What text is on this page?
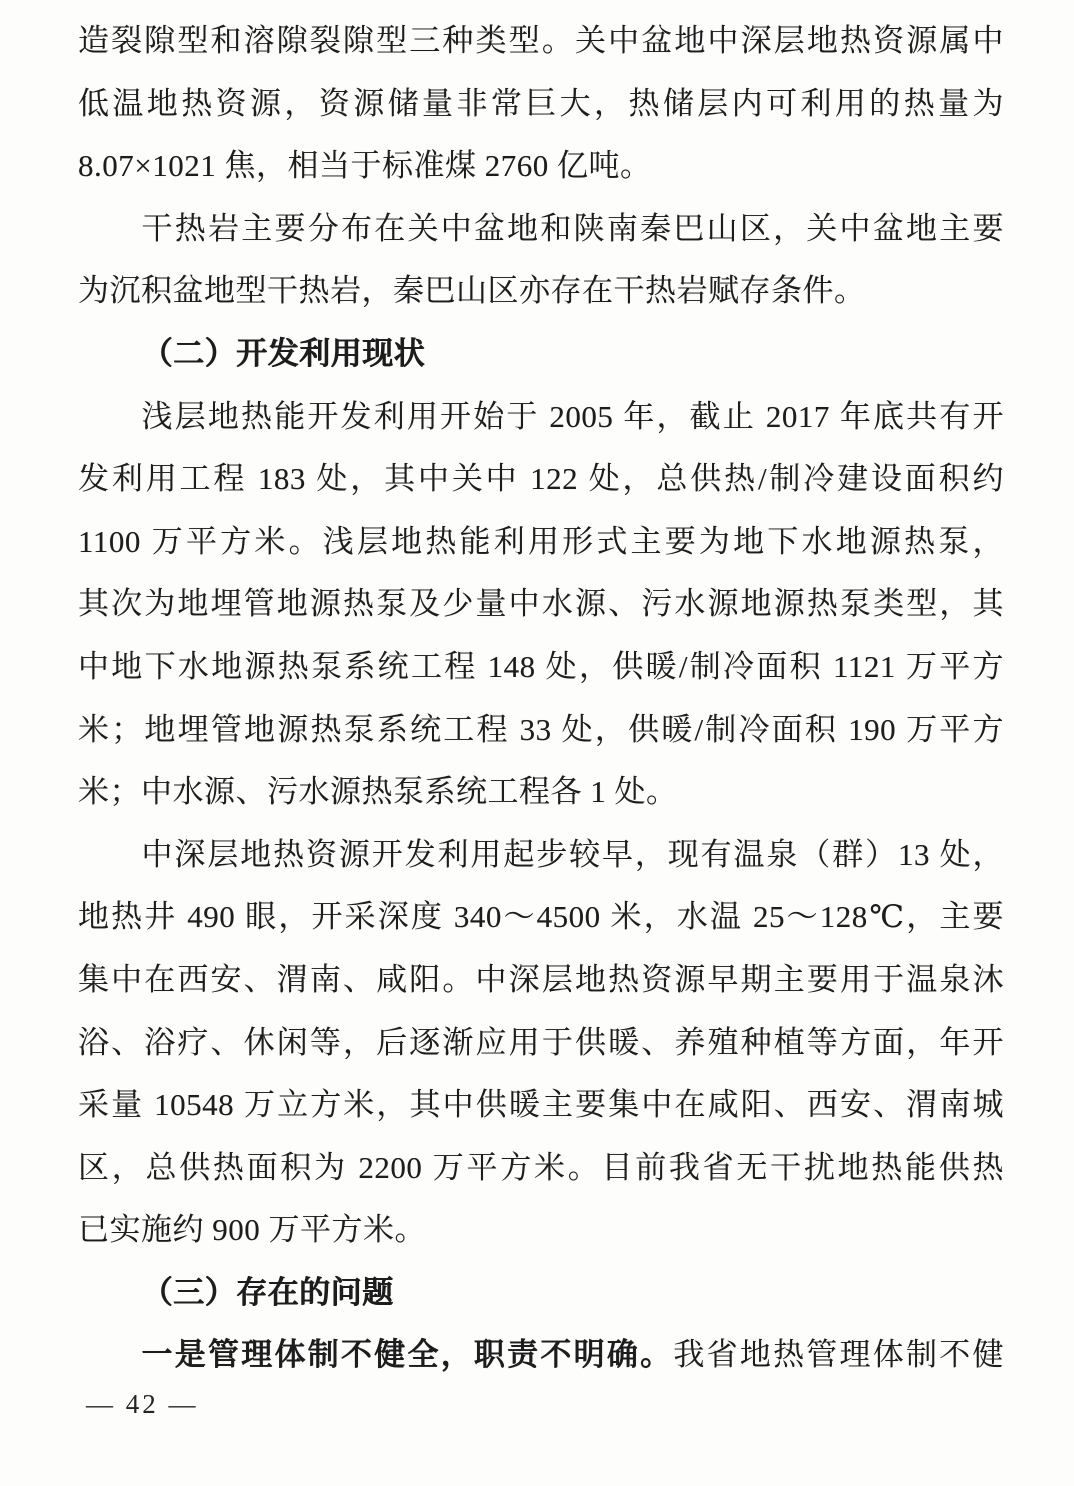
造裂隙型和溶隙裂隙型三种类型。关中盆地中深层地热资源属中
低温地热资源，资源储量非常巨大，热储层内可利用的热量为
8.07×1021 焦，相当于标准煤 2760 亿吨。
干热岩主要分布在关中盆地和陕南秦巴山区，关中盆地主要
为沉积盆地型干热岩，秦巴山区亦存在干热岩赋存条件。
（二）开发利用现状
浅层地热能开发利用开始于 2005 年，截止 2017 年底共有开
发利用工程 183 处，其中关中 122 处，总供热/制冷建设面积约
1100 万平方米。浅层地热能利用形式主要为地下水地源热泵，
其次为地埋管地源热泵及少量中水源、污水源地源热泵类型，其
中地下水地源热泵系统工程 148 处，供暖/制冷面积 1121 万平方
米；地埋管地源热泵系统工程 33 处，供暖/制冷面积 190 万平方
米；中水源、污水源热泵系统工程各 1 处。
中深层地热资源开发利用起步较早，现有温泉（群）13 处，
地热井 490 眼，开采深度 340～4500 米，水温 25～128℃，主要
集中在西安、渭南、咸阳。中深层地热资源早期主要用于温泉沐
浴、浴疗、休闲等，后逐渐应用于供暖、养殖种植等方面，年开
采量 10548 万立方米，其中供暖主要集中在咸阳、西安、渭南城
区，总供热面积为 2200 万平方米。目前我省无干扰地热能供热
已实施约 900 万平方米。
（三）存在的问题
一是管理体制不健全，职责不明确。我省地热管理体制不健
— 42 —
